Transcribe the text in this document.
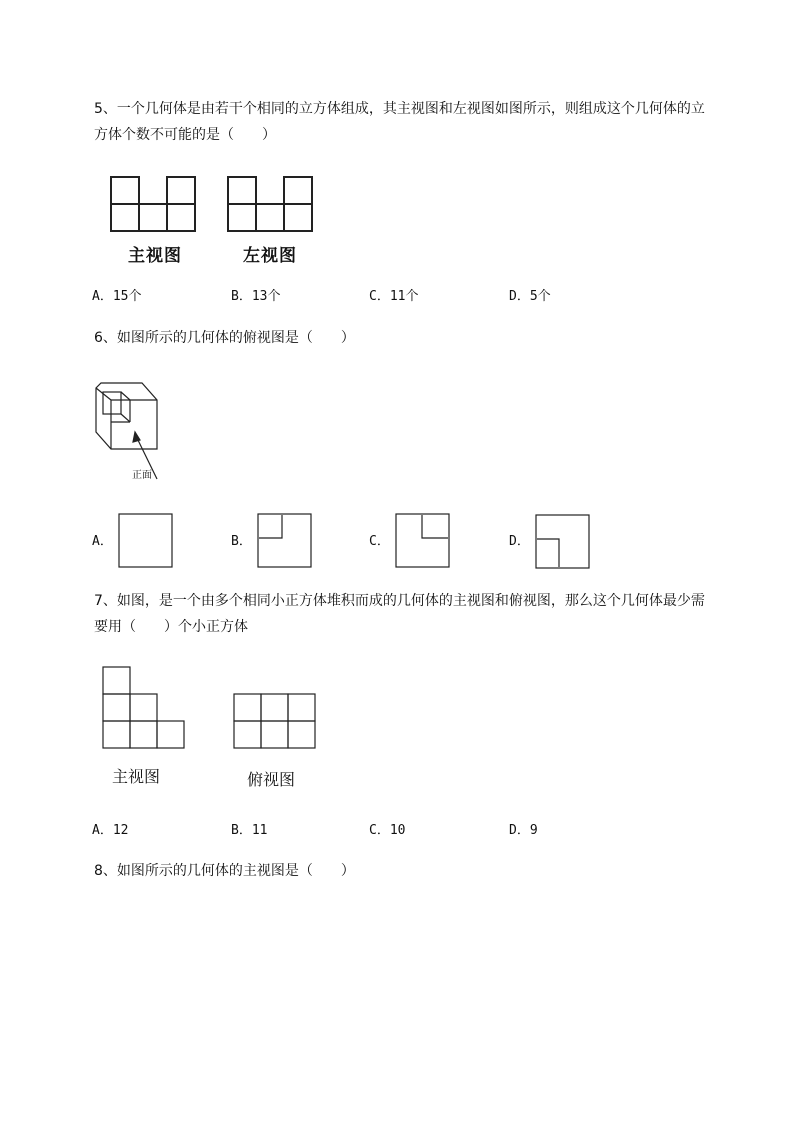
5、一个几何体是由若干个相同的立方体组成，其主视图和左视图如图所示，则组成这个几何体的立
方体个数不可能的是（　　）
主视图	左视图
A．15个	B．13个	C．11个	D．5个
6、如图所示的几何体的俯视图是（　　）
正面
A．	B．	C．	D．
7、如图，是一个由多个相同小正方体堆积而成的几何体的主视图和俯视图，那么这个几何体最少需
要用（　　）个小正方体
主视图	俯视图
A．12	B．11	C．10	D．9
8、如图所示的几何体的主视图是（　　）
